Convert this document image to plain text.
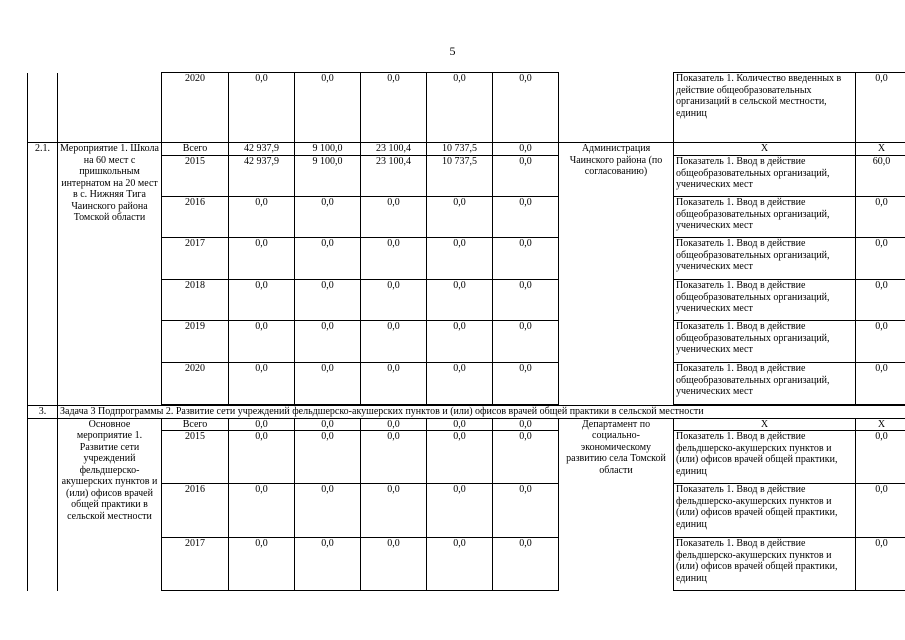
5
		2020	0,0	0,0	0,0	0,0	0,0		Показатель 1. Количество введенных в действие общеобразовательных организаций в сельской местности, единиц	0,0
2.1.	Мероприятие 1. Школа на 60 мест с пришкольным интернатом на 20 мест в с. Нижняя Тига Чаинского района Томской области	Всего	42 937,9	9 100,0	23 100,4	10 737,5	0,0	Администрация Чаинского района (по согласованию)	Х	Х
		2015	42 937,9	9 100,0	23 100,4	10 737,5	0,0		Показатель 1. Ввод в действие общеобразовательных организаций, ученических мест	60,0
		2016	0,0	0,0	0,0	0,0	0,0		Показатель 1. Ввод в действие общеобразовательных организаций, ученических мест	0,0
		2017	0,0	0,0	0,0	0,0	0,0		Показатель 1. Ввод в действие общеобразовательных организаций, ученических мест	0,0
		2018	0,0	0,0	0,0	0,0	0,0		Показатель 1. Ввод в действие общеобразовательных организаций, ученических мест	0,0
		2019	0,0	0,0	0,0	0,0	0,0		Показатель 1. Ввод в действие общеобразовательных организаций, ученических мест	0,0
		2020	0,0	0,0	0,0	0,0	0,0		Показатель 1. Ввод в действие общеобразовательных организаций, ученических мест	0,0

3.	Задача 3 Подпрограммы 2. Развитие сети учреждений фельдшерско-акушерских пунктов и (или) офисов врачей общей практики в сельской местности									
	Основное мероприятие 1. Развитие сети учреждений фельдшерско-акушерских пунктов и (или) офисов врачей общей практики в сельской местности	Всего	0,0	0,0	0,0	0,0	0,0	Департамент по социально-экономическому развитию села Томской области	Х	Х
		2015	0,0	0,0	0,0	0,0	0,0		Показатель 1. Ввод в действие фельдшерско-акушерских пунктов и (или) офисов врачей общей практики, единиц	0,0
		2016	0,0	0,0	0,0	0,0	0,0		Показатель 1. Ввод в действие фельдшерско-акушерских пунктов и (или) офисов врачей общей практики, единиц	0,0
		2017	0,0	0,0	0,0	0,0	0,0		Показатель 1. Ввод в действие фельдшерско-акушерских пунктов и (или) офисов врачей общей практики, единиц	0,0
